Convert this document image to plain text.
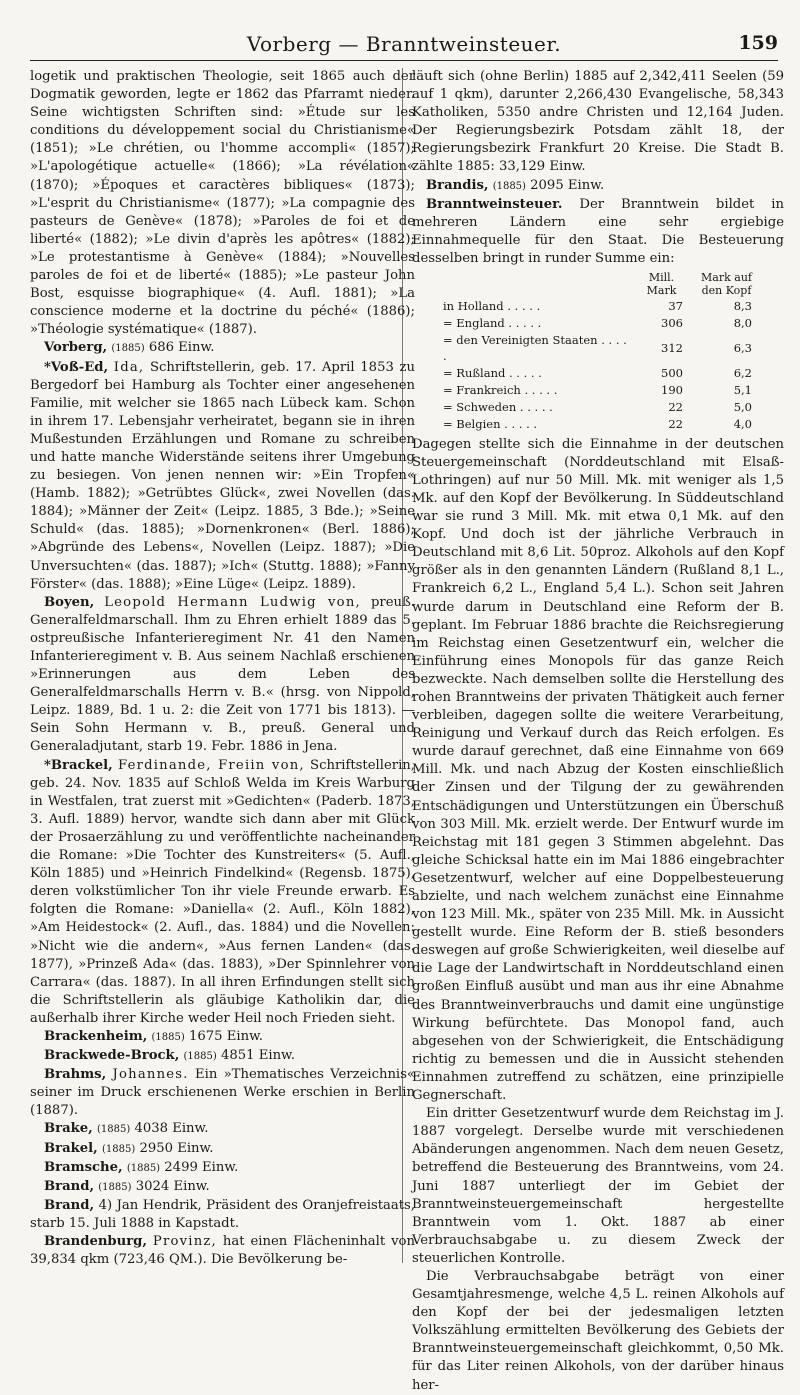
Vorberg — Branntweinsteuer.	159

logetik und praktischen Theologie, seit 1865 auch der Dogmatik geworden, legte er 1862 das Pfarramt nieder. Seine wichtigsten Schriften sind: »Étude sur les conditions du développement social du Christianisme« (1851); »Le chrétien, ou l'homme accompli« (1857); »L'apologétique actuelle« (1866); »La révélation« (1870); »Époques et caractères bibliques« (1873); »L'esprit du Christianisme« (1877); »La compagnie des pasteurs de Genève« (1878); »Paroles de foi et de liberté« (1882); »Le divin d'après les apôtres« (1882); »Le protestantisme à Genève« (1884); »Nouvelles paroles de foi et de liberté« (1885); »Le pasteur John Bost, esquisse biographique« (4. Aufl. 1881); »La conscience moderne et la doctrine du péché« (1886); »Théologie systématique« (1887).

Vorberg, (1885) 686 Einw.

*Voß-Ed, Ida, Schriftstellerin, geb. 17. April 1853 zu Bergedorf bei Hamburg als Tochter einer angesehenen Familie, mit welcher sie 1865 nach Lübeck kam. Schon in ihrem 17. Lebensjahr verheiratet, begann sie in ihren Mußestunden Erzählungen und Romane zu schreiben und hatte manche Widerstände seitens ihrer Umgebung zu besiegen. Von jenen nennen wir: »Ein Tropfen« (Hamb. 1882); »Getrübtes Glück«, zwei Novellen (das. 1884); »Männer der Zeit« (Leipz. 1885, 3 Bde.); »Seine Schuld« (das. 1885); »Dornenkronen« (Berl. 1886); »Abgründe des Lebens«, Novellen (Leipz. 1887); »Die Unversuchten« (das. 1887); »Ich« (Stuttg. 1888); »Fanny Förster« (das. 1888); »Eine Lüge« (Leipz. 1889).

Boyen, Leopold Hermann Ludwig von, preuß. Generalfeldmarschall. Ihm zu Ehren erhielt 1889 das 5. ostpreußische Infanterieregiment Nr. 41 den Namen Infanterieregiment v. B. Aus seinem Nachlaß erschienen »Erinnerungen aus dem Leben des Generalfeldmarschalls Herrn v. B.« (hrsg. von Nippold, Leipz. 1889, Bd. 1 u. 2: die Zeit von 1771 bis 1813). — Sein Sohn Hermann v. B., preuß. General und Generaladjutant, starb 19. Febr. 1886 in Jena.

*Brackel, Ferdinande, Freiin von, Schriftstellerin, geb. 24. Nov. 1835 auf Schloß Welda im Kreis Warburg in Westfalen, trat zuerst mit »Gedichten« (Paderb. 1873, 3. Aufl. 1889) hervor, wandte sich dann aber mit Glück der Prosaerzählung zu und veröffentlichte nacheinander die Romane: »Die Tochter des Kunstreiters« (5. Aufl., Köln 1885) und »Heinrich Findelkind« (Regensb. 1875), deren volkstümlicher Ton ihr viele Freunde erwarb. Es folgten die Romane: »Daniella« (2. Aufl., Köln 1882), »Am Heidestock« (2. Aufl., das. 1884) und die Novellen: »Nicht wie die andern«, »Aus fernen Landen« (das. 1877), »Prinzeß Ada« (das. 1883), »Der Spinnlehrer von Carrara« (das. 1887). In all ihren Erfindungen stellt sich die Schriftstellerin als gläubige Katholikin dar, die außerhalb ihrer Kirche weder Heil noch Frieden sieht.

Brackenheim, (1885) 1675 Einw.

Brackwede-Brock, (1885) 4851 Einw.

Brahms, Johannes. Ein »Thematisches Verzeichnis« seiner im Druck erschienenen Werke erschien in Berlin (1887).

Brake, (1885) 4038 Einw.

Brakel, (1885) 2950 Einw.

Bramsche, (1885) 2499 Einw.

Brand, (1885) 3024 Einw.

Brand, 4) Jan Hendrik, Präsident des Oranjefreistaats, starb 15. Juli 1888 in Kapstadt.

Brandenburg, Provinz, hat einen Flächeninhalt von 39,834 qkm (723,46 QM.). Die Bevölkerung be-

läuft sich (ohne Berlin) 1885 auf 2,342,411 Seelen (59 auf 1 qkm), darunter 2,266,430 Evangelische, 58,343 Katholiken, 5350 andre Christen und 12,164 Juden. Der Regierungsbezirk Potsdam zählt 18, der Regierungsbezirk Frankfurt 20 Kreise. Die Stadt B. zählte 1885: 33,129 Einw.

Brandis, (1885) 2095 Einw.

Branntweinsteuer. Der Branntwein bildet in mehreren Ländern eine sehr ergiebige Einnahmequelle für den Staat. Die Besteuerung desselben bringt in runder Summe ein:

	Mill. Mark	Mark auf den Kopf
in Holland . . . . .	37	8,3
= England . . . . .	306	8,0
= den Vereinigten Staaten . . . . .	312	6,3
= Rußland . . . . .	500	6,2
= Frankreich . . . . .	190	5,1
= Schweden . . . . .	22	5,0
= Belgien . . . . .	22	4,0

Dagegen stellte sich die Einnahme in der deutschen Steuergemeinschaft (Norddeutschland mit Elsaß-Lothringen) auf nur 50 Mill. Mk. mit weniger als 1,5 Mk. auf den Kopf der Bevölkerung. In Süddeutschland war sie rund 3 Mill. Mk. mit etwa 0,1 Mk. auf den Kopf. Und doch ist der jährliche Verbrauch in Deutschland mit 8,6 Lit. 50proz. Alkohols auf den Kopf größer als in den genannten Ländern (Rußland 8,1 L., Frankreich 6,2 L., England 5,4 L.). Schon seit Jahren wurde darum in Deutschland eine Reform der B. geplant. Im Februar 1886 brachte die Reichsregierung im Reichstag einen Gesetzentwurf ein, welcher die Einführung eines Monopols für das ganze Reich bezweckte. Nach demselben sollte die Herstellung des rohen Branntweins der privaten Thätigkeit auch ferner verbleiben, dagegen sollte die weitere Verarbeitung, Reinigung und Verkauf durch das Reich erfolgen. Es wurde darauf gerechnet, daß eine Einnahme von 669 Mill. Mk. und nach Abzug der Kosten einschließlich der Zinsen und der Tilgung der zu gewährenden Entschädigungen und Unterstützungen ein Überschuß von 303 Mill. Mk. erzielt werde. Der Entwurf wurde im Reichstag mit 181 gegen 3 Stimmen abgelehnt. Das gleiche Schicksal hatte ein im Mai 1886 eingebrachter Gesetzentwurf, welcher auf eine Doppelbesteuerung abzielte, und nach welchem zunächst eine Einnahme von 123 Mill. Mk., später von 235 Mill. Mk. in Aussicht gestellt wurde. Eine Reform der B. stieß besonders deswegen auf große Schwierigkeiten, weil dieselbe auf die Lage der Landwirtschaft in Norddeutschland einen großen Einfluß ausübt und man aus ihr eine Abnahme des Branntweinverbrauchs und damit eine ungünstige Wirkung befürchtete. Das Monopol fand, auch abgesehen von der Schwierigkeit, die Entschädigung richtig zu bemessen und die in Aussicht stehenden Einnahmen zutreffend zu schätzen, eine prinzipielle Gegnerschaft.

Ein dritter Gesetzentwurf wurde dem Reichstag im J. 1887 vorgelegt. Derselbe wurde mit verschiedenen Abänderungen angenommen. Nach dem neuen Gesetz, betreffend die Besteuerung des Branntweins, vom 24. Juni 1887 unterliegt der im Gebiet der Branntweinsteuergemeinschaft hergestellte Branntwein vom 1. Okt. 1887 ab einer Verbrauchsabgabe u. zu diesem Zweck der steuerlichen Kontrolle.

Die Verbrauchsabgabe beträgt von einer Gesamtjahresmenge, welche 4,5 L. reinen Alkohols auf den Kopf der bei der jedesmaligen letzten Volkszählung ermittelten Bevölkerung des Gebiets der Branntweinsteuergemeinschaft gleichkommt, 0,50 Mk. für das Liter reinen Alkohols, von der darüber hinaus her-
